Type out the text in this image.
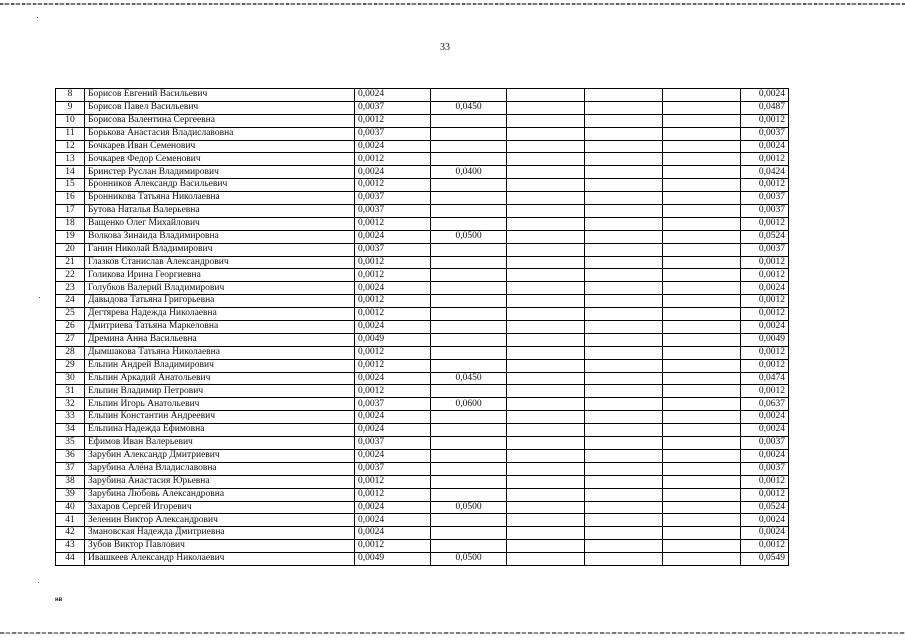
33
8	Борисов Евгений Васильевич	0,0024					0,0024
9	Борисов Павел Васильевич	0,0037	0,0450				0,0487
10	Борисова Валентина Сергеевна	0,0012					0,0012
11	Борькова Анастасия Владиславовна	0,0037					0,0037
12	Бочкарев Иван Семенович	0,0024					0,0024
13	Бочкарев Федор Семенович	0,0012					0,0012
14	Бринстер Руслан Владимирович	0,0024	0,0400				0,0424
15	Бронников Александр Васильевич	0,0012					0,0012
16	Бронникова Татьяна Николаевна	0,0037					0,0037
17	Бутова Наталья Валерьевна	0,0037					0,0037
18	Ващенко Олег Михайлович	0,0012					0,0012
19	Волкова Зинаида Владимировна	0,0024	0,0500				0,0524
20	Ганин Николай Владимирович	0,0037					0,0037
21	Глазков Станислав Александрович	0,0012					0,0012
22	Голикова Ирина Георгиевна	0,0012					0,0012
23	Голубков Валерий Владимирович	0,0024					0,0024
24	Давыдова Татьяна Григорьевна	0,0012					0,0012
25	Дегтярева Надежда Николаевна	0,0012					0,0012
26	Дмитриева Татьяна Маркеловна	0,0024					0,0024
27	Дремина Анна Васильевна	0,0049					0,0049
28	Дымшакова Татьяна Николаевна	0,0012					0,0012
29	Ельпин Андрей Владимирович	0,0012					0,0012
30	Ельпин Аркадий Анатольевич	0,0024	0,0450				0,0474
31	Ельпин Владимир Петрович	0,0012					0,0012
32	Ельпин Игорь Анатольевич	0,0037	0,0600				0,0637
33	Ельпин Константин Андреевич	0,0024					0,0024
34	Ельпина Надежда Ефимовна	0,0024					0,0024
35	Ефимов Иван Валерьевич	0,0037					0,0037
36	Зарубин Александр Дмитриевич	0,0024					0,0024
37	Зарубина Алёна Владиславовна	0,0037					0,0037
38	Зарубина Анастасия Юрьевна	0,0012					0,0012
39	Зарубина Любовь Александровна	0,0012					0,0012
40	Захаров Сергей Игоревич	0,0024	0,0500				0,0524
41	Зеленин Виктор Александрович	0,0024					0,0024
42	Змановская Надежда Дмитриевна	0,0024					0,0024
43	Зубов Виктор Павлович	0,0012					0,0012
44	Ивашкеев Александр Николаевич	0,0049	0,0500				0,0549
нв
